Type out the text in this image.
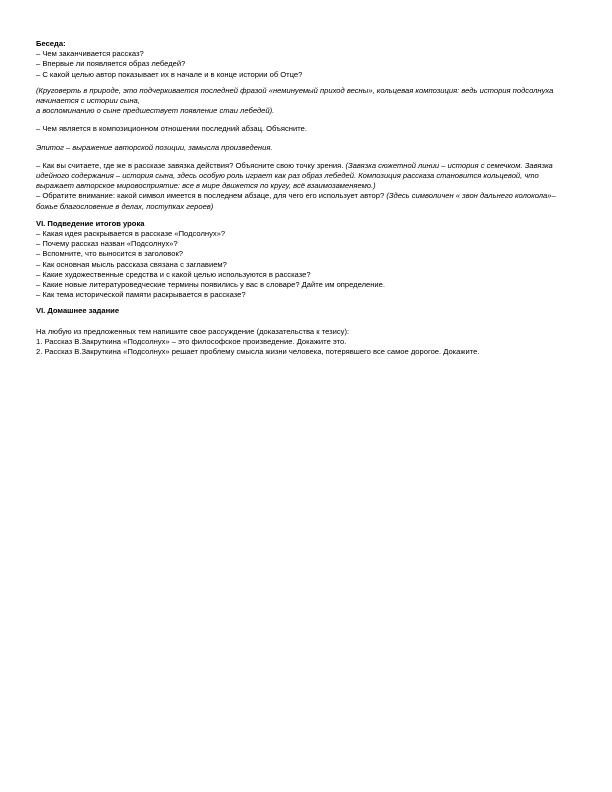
Беседа:

– Чем заканчивается рассказ?
– Впервые ли появляется образ лебедей?
– С какой целью автор показывает их в начале и в конце истории об Отце?

(Круговерть в природе, это подчеркивается последней фразой «неминуемый приход весны», кольцевая композиция: ведь история подсолнуха начинается с истории сына,

а воспоминанию о сыне предшествует появление стаи лебедей).

– Чем является в композиционном отношении последний абзац. Объясните.

Эпитог – выражение авторской позиции, замысла произведения.

– Как вы считаете, где же в рассказе завязка действия? Объясните свою точку зрения. (Завязка сюжетной линии – история с семечком. Завязка идейного содержания – история сына, здесь особую роль играет как раз образ лебедей. Композиция рассказа становится кольцевой, что выражает авторское мировосприятие: все в мире движется по кругу, всё взаимозаменяемо.)

– Обратите внимание: какой символ имеется в последнем абзаце, для чего его использует автор? (Здесь символичен « звон дальнего колокола»– божье благословение в делах, поступках героев)

VI. Подведение итогов урока

– Какая идея раскрывается в рассказе «Подсолнух»?
– Почему рассказ назван «Подсолнух»?
– Вспомните, что выносится в заголовок?
– Как основная мысль рассказа связана с заглавием?
– Какие художественные средства и с какой целью используются в рассказе?
– Какие новые литературоведческие термины появились у вас в словаре? Дайте им определение.
– Как тема исторической памяти раскрывается в рассказе?

VI. Домашнее задание

На любую из предложенных тем напишите свое рассуждение (доказательства к тезису):

1. Рассказ В.Закруткина «Подсолнух» – это философское произведение. Докажите это.
2. Рассказ В.Закруткина «Подсолнух» решает проблему смысла жизни человека, потерявшего все самое дорогое. Докажите.
